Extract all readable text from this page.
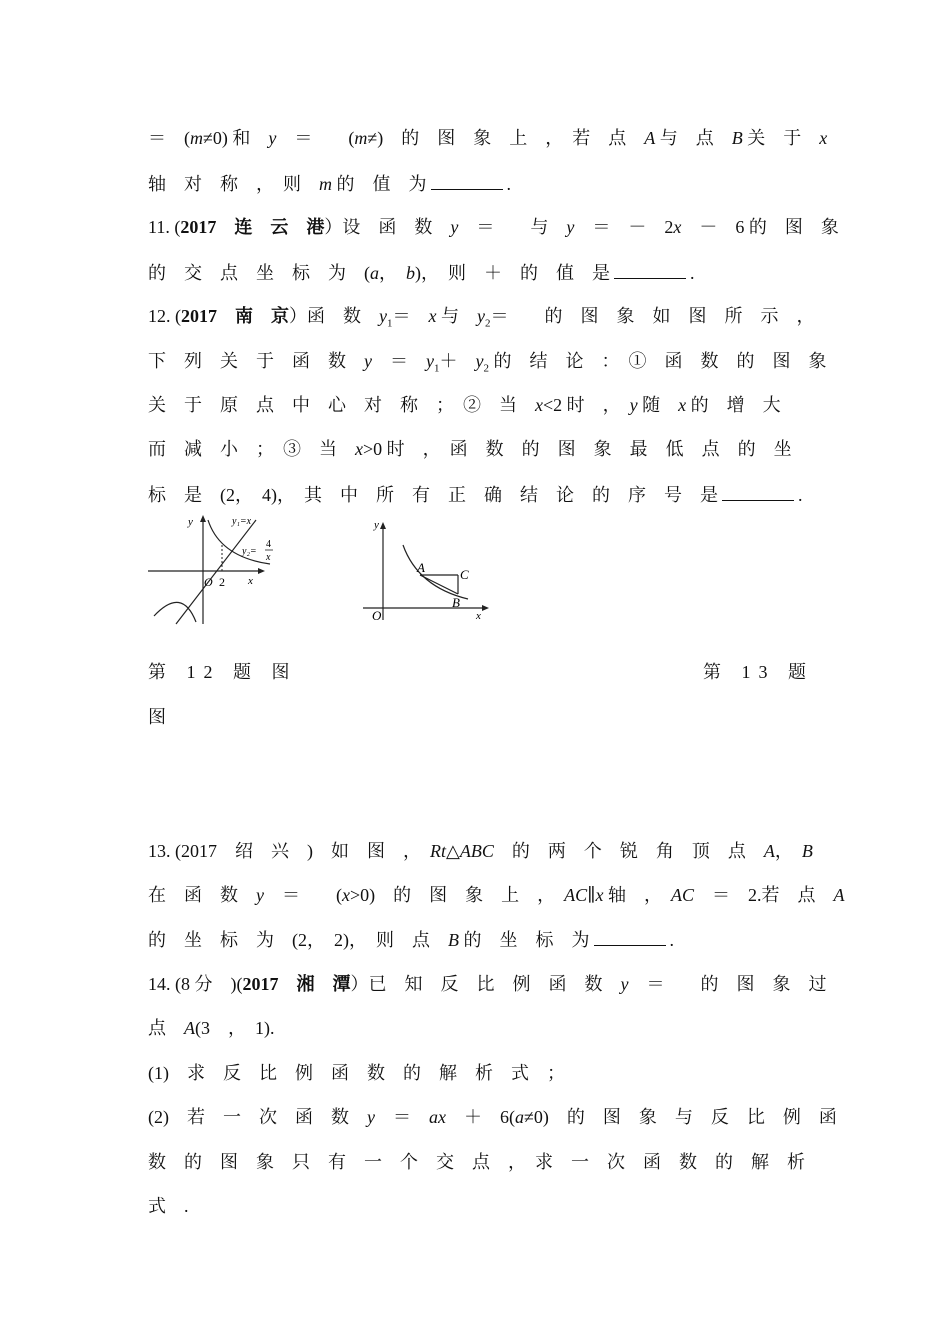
＝　(m≠0) 和　y　＝　　(m≠)　的　图　象　上　，　若　点　A 与　点　B 关　于　x
轴　对　称　，　则　m 的　值　为	.
11. (2017　连　云　港）设　函　数　y　＝　　与　y　＝　－　2x　－　6 的　图　象
的　交　点　坐　标　为　(a，　b)，　则　＋　的　值　是	.
12. (2017　南　京）函　数　$y_1=$　x 与　$y_2=$　　的　图　象　如　图　所　示　，
下　列　关　于　函　数　y　＝　$y_1+$　$y_2$ 的　结　论　：　①　函　数　的　图　象
关　于　原　点　中　心　对　称　；　②　当　x<2 时　，　y 随　x 的　增　大
而　减　小　；　③　当　x>0 时　，　函　数　的　图　象　最　低　点　的　坐
标　是　(2，　4)，　其　中　所　有　正　确　结　论　的　序　号　是	.
y
x
O 2
y₁=x
y₂=
4
x
y
x
O
A	C
B
第 12 题 图	第 13 题
图
13. (2017　绍　兴　)　如　图　，　Rt△ABC　的　两　个　锐　角　顶　点　A，　B
在　函　数　y　＝　　(x>0)　的　图　象　上　，　AC∥x 轴　，　AC　＝　2.若　点　A
的　坐　标　为　(2，　2)，　则　点　B 的　坐　标　为	.
14. (8 分　)(2017　湘　潭）已　知　反　比　例　函　数　y　＝　　的　图　象　过
点　A(3　，　1).
(1)　求　反　比　例　函　数　的　解　析　式　；
(2)　若　一　次　函　数　y　＝　ax　＋　6(a≠0)　的　图　象　与　反　比　例　函
数　的　图　象　只　有　一　个　交　点　，　求　一　次　函　数　的　解　析
式　.
